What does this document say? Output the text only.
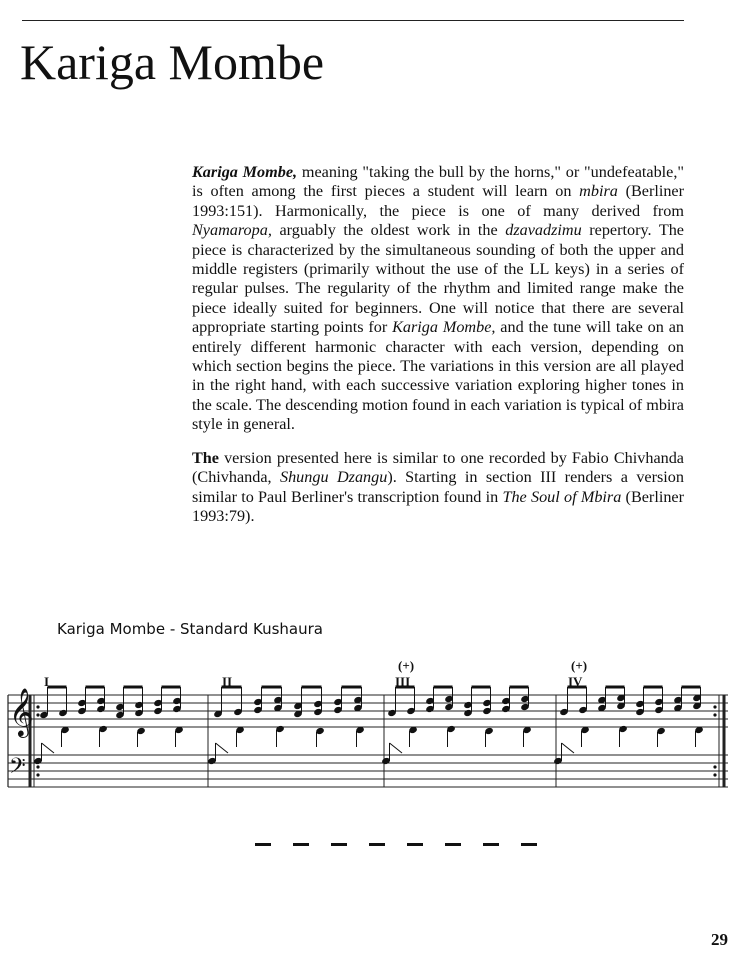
Kariga Mombe

Kariga Mombe, meaning "taking the bull by the horns," or "undefeatable," is often among the first pieces a student will learn on mbira (Berliner 1993:151). Harmonically, the piece is one of many derived from Nyamaropa, arguably the oldest work in the dzavadzimu repertory. The piece is characterized by the simultaneous sounding of both the upper and middle registers (primarily without the use of the LL keys) in a series of regular pulses. The regularity of the rhythm and limited range make the piece ideally suited for beginners. One will notice that there are several appropriate starting points for Kariga Mombe, and the tune will take on an entirely different harmonic character with each version, depending on which section begins the piece. The variations in this version are all played in the right hand, with each successive variation exploring higher tones in the scale. The descending motion found in each variation is typical of mbira style in general.

The version presented here is similar to one recorded by Fabio Chivhanda (Chivhanda, Shungu Dzangu). Starting in section III renders a version similar to Paul Berliner's transcription found in The Soul of Mbira (Berliner 1993:79).

Kariga Mombe - Standard Kushaura
I	II	III
(+)
IV
(+)
𝄞
𝄢
29
